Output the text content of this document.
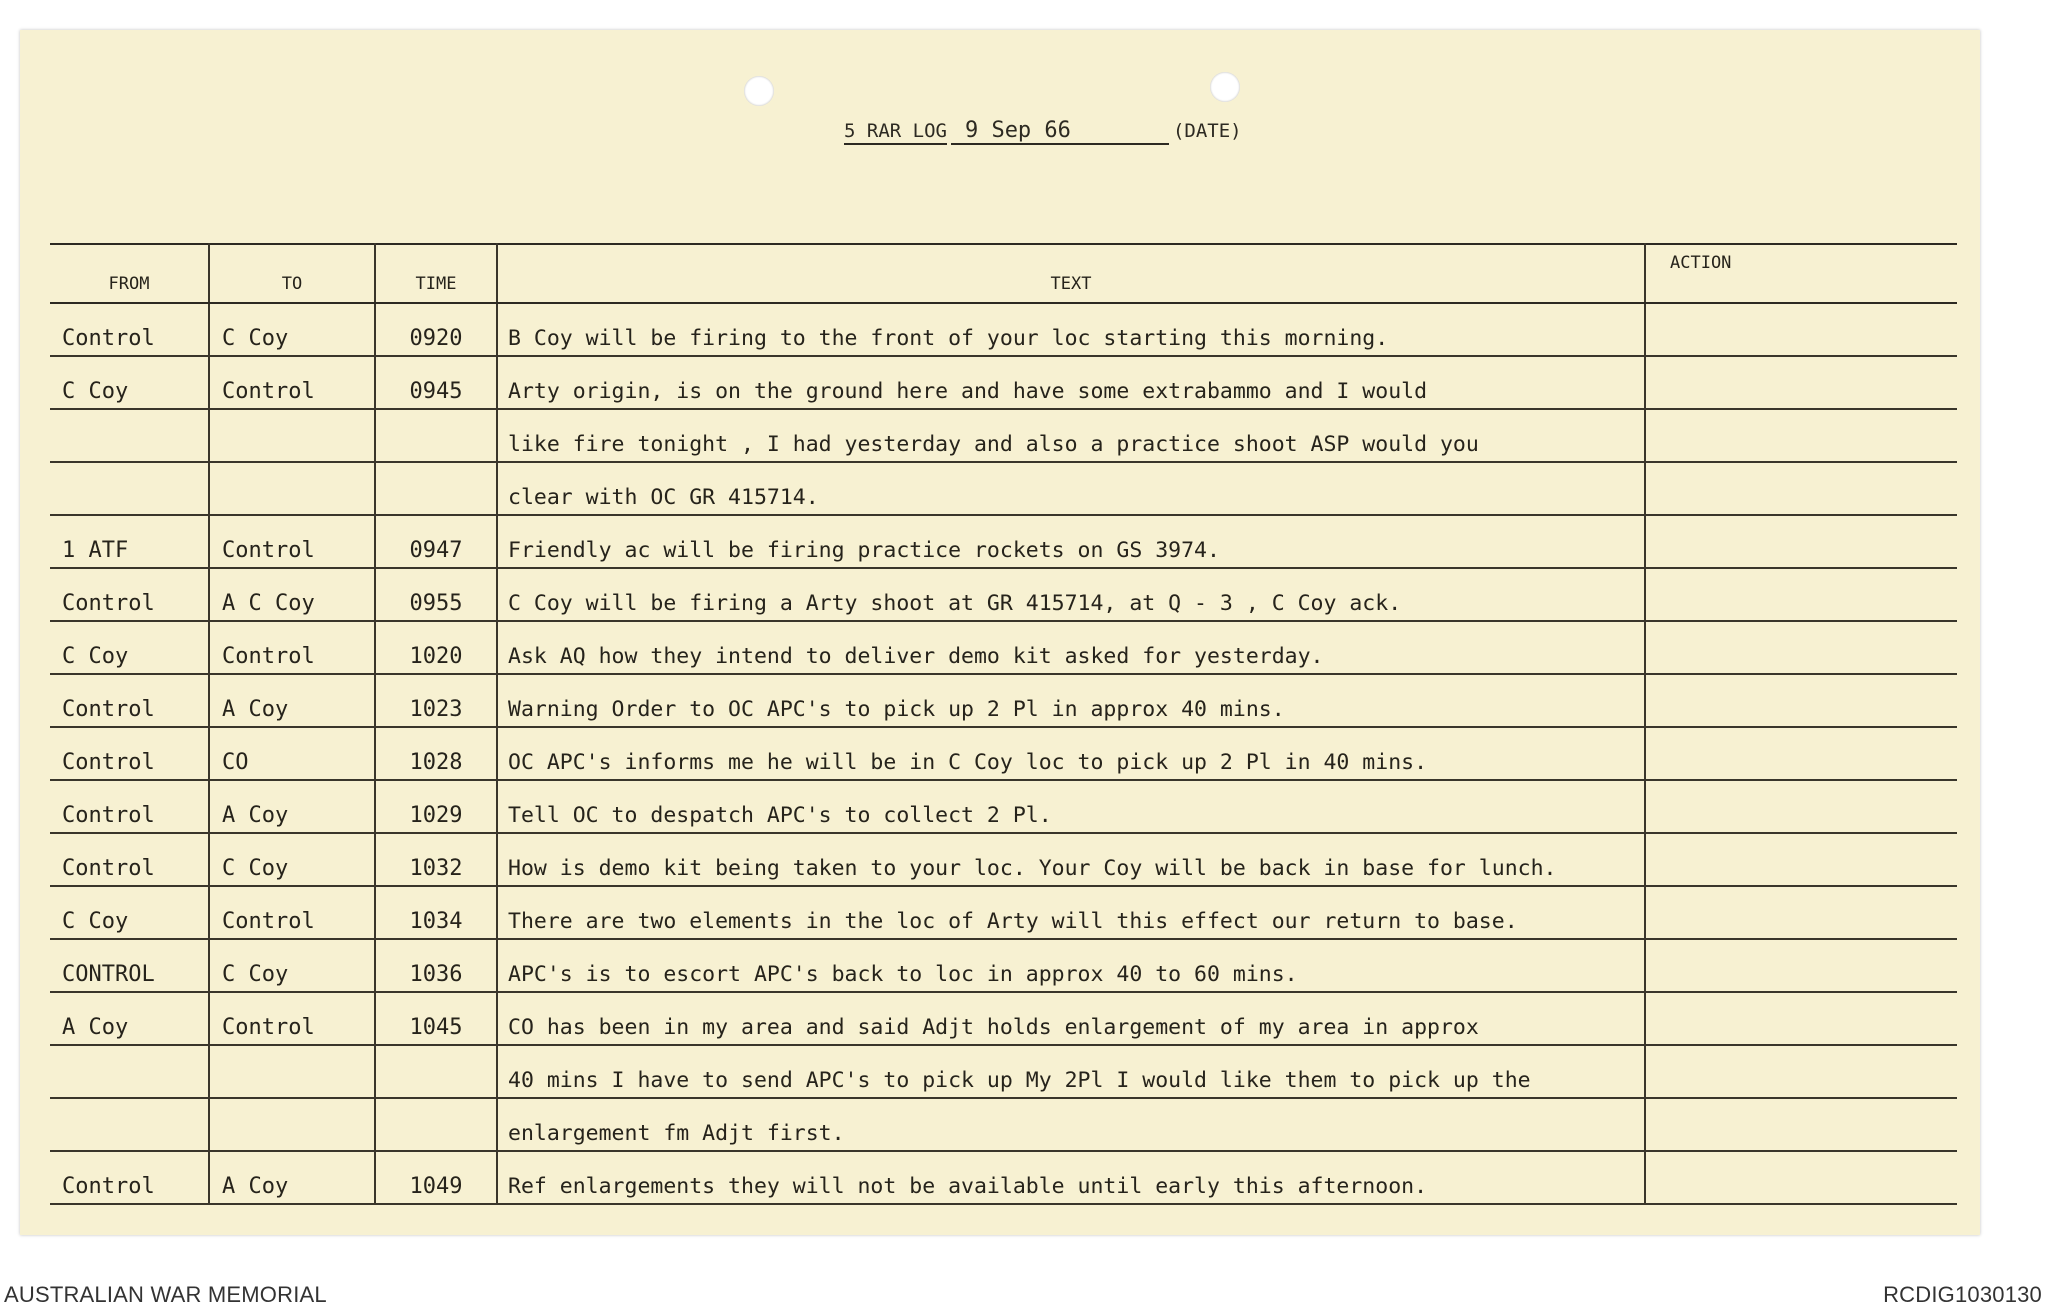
5 RAR LOG 9 Sep 66	(DATE)
FROM	TO	TIME	TEXT	ACTION
Control	C Coy	0920	B Coy will be firing to the front of your loc starting this morning.	
C Coy	Control	0945	Arty origin, is on the ground here and have some extrabammo and I would	
			like fire tonight , I had yesterday and also a practice shoot ASP would you	
			clear with OC GR 415714.	
1 ATF	Control	0947	Friendly ac will be firing practice rockets on GS 3974.	
Control	A C Coy	0955	C Coy will be firing a Arty shoot at GR 415714, at Q - 3 , C Coy ack.	
C Coy	Control	1020	Ask AQ how they intend to deliver demo kit asked for yesterday.	
Control	A Coy	1023	Warning Order to OC APC's to pick up 2 Pl in approx 40 mins.	
Control	CO	1028	OC APC's informs me he will be in C Coy loc to pick up 2 Pl in 40 mins.	
Control	A Coy	1029	Tell OC to despatch APC's to collect 2 Pl.	
Control	C Coy	1032	How is demo kit being taken to your loc. Your Coy will be back in base for lunch.	
C Coy	Control	1034	There are two elements in the loc of Arty will this effect our return to base.	
CONTROL	C Coy	1036	APC's is to escort APC's back to loc in approx 40 to 60 mins.	
A Coy	Control	1045	CO has been in my area and said Adjt holds enlargement of my area in approx	
			40 mins I have to send APC's to pick up My 2Pl I would like them to pick up the	
			enlargement fm Adjt first.	
Control	A Coy	1049	Ref enlargements they will not be available until early this afternoon.	
AUSTRALIAN WAR MEMORIAL	RCDIG1030130
